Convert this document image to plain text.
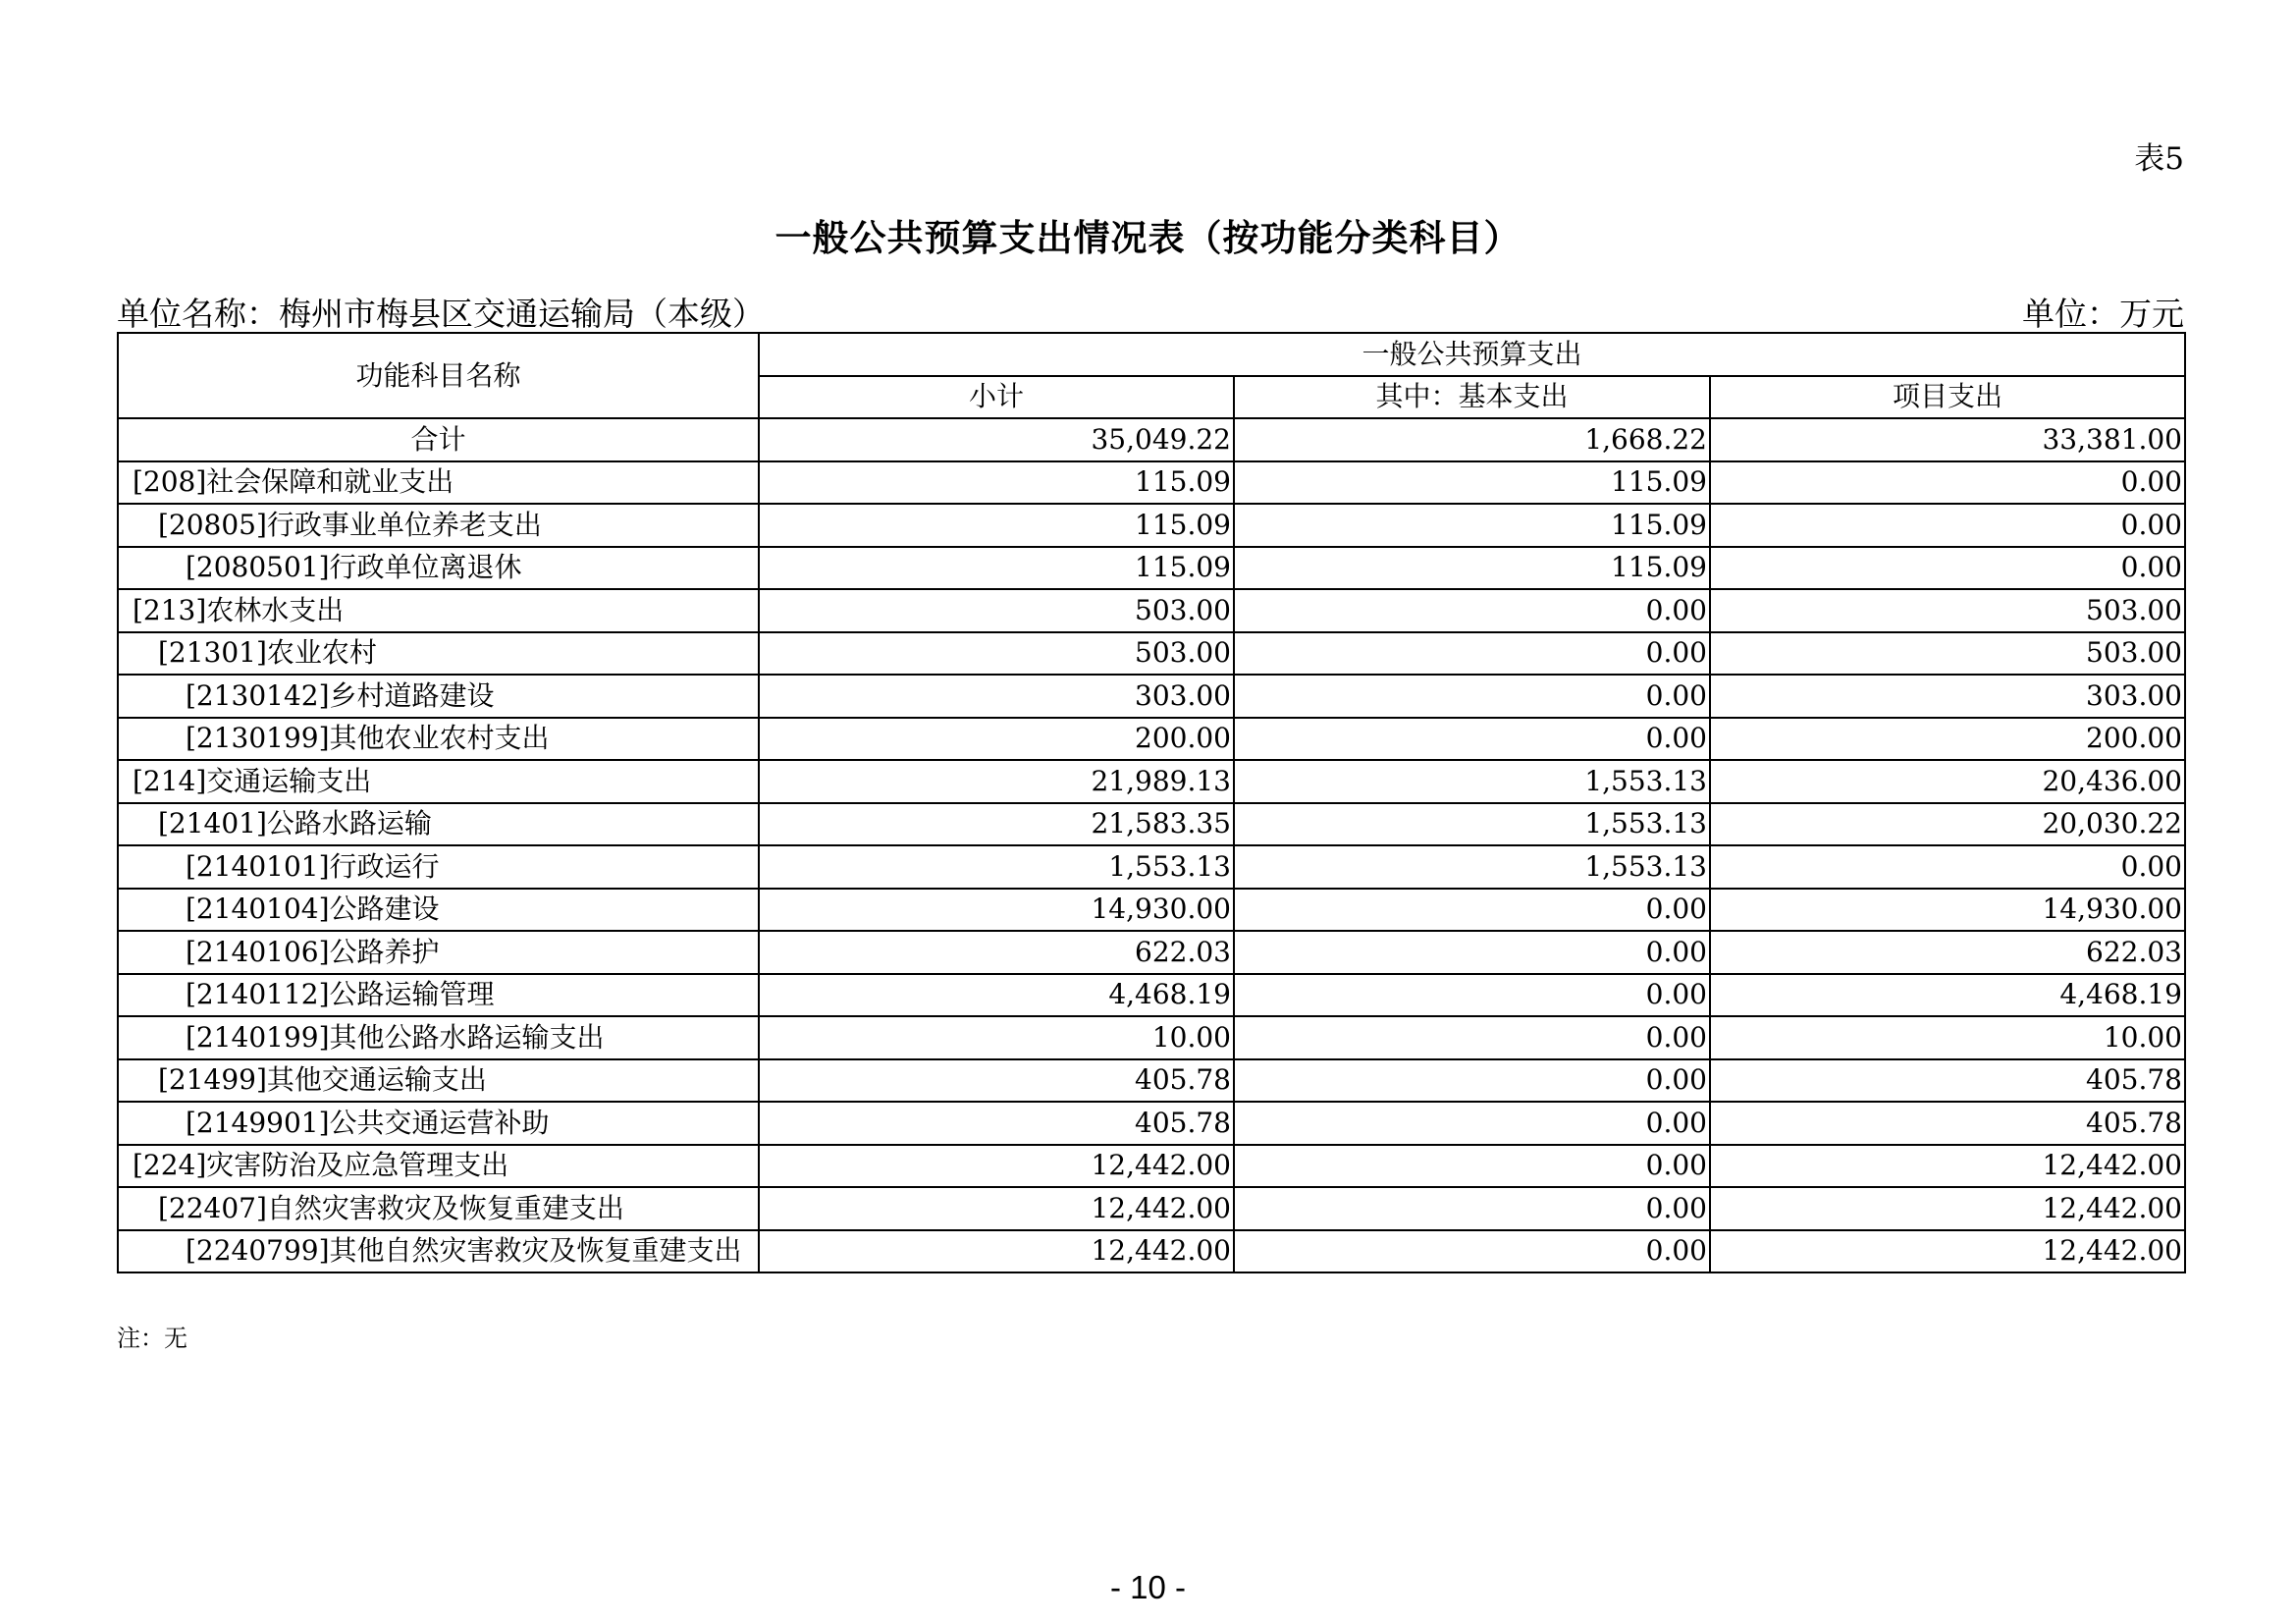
表5
一般公共预算支出情况表（按功能分类科目）
单位名称：梅州市梅县区交通运输局（本级）	单位：万元
功能科目名称	一般公共预算支出		
	小计	其中：基本支出	项目支出
合计	35,049.22	1,668.22	33,381.00
[208]社会保障和就业支出	115.09	115.09	0.00
[20805]行政事业单位养老支出	115.09	115.09	0.00
[2080501]行政单位离退休	115.09	115.09	0.00
[213]农林水支出	503.00	0.00	503.00
[21301]农业农村	503.00	0.00	503.00
[2130142]乡村道路建设	303.00	0.00	303.00
[2130199]其他农业农村支出	200.00	0.00	200.00
[214]交通运输支出	21,989.13	1,553.13	20,436.00
[21401]公路水路运输	21,583.35	1,553.13	20,030.22
[2140101]行政运行	1,553.13	1,553.13	0.00
[2140104]公路建设	14,930.00	0.00	14,930.00
[2140106]公路养护	622.03	0.00	622.03
[2140112]公路运输管理	4,468.19	0.00	4,468.19
[2140199]其他公路水路运输支出	10.00	0.00	10.00
[21499]其他交通运输支出	405.78	0.00	405.78
[2149901]公共交通运营补助	405.78	0.00	405.78
[224]灾害防治及应急管理支出	12,442.00	0.00	12,442.00
[22407]自然灾害救灾及恢复重建支出	12,442.00	0.00	12,442.00
[2240799]其他自然灾害救灾及恢复重建支出	12,442.00	0.00	12,442.00
注：无
- 10 -
